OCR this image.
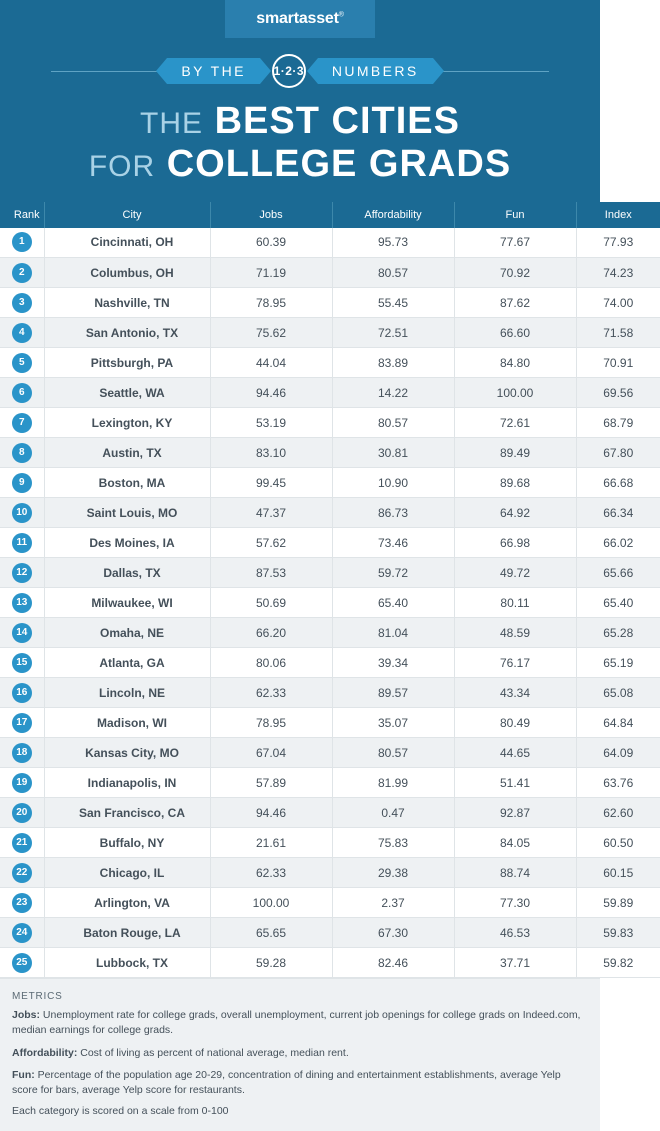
smartasset®
BY THE 1·2·3 NUMBERS
THE BEST CITIES
FOR COLLEGE GRADS
Rank	City	Jobs	Affordability	Fun	Index
1	Cincinnati, OH	60.39	95.73	77.67	77.93
2	Columbus, OH	71.19	80.57	70.92	74.23
3	Nashville, TN	78.95	55.45	87.62	74.00
4	San Antonio, TX	75.62	72.51	66.60	71.58
5	Pittsburgh, PA	44.04	83.89	84.80	70.91
6	Seattle, WA	94.46	14.22	100.00	69.56
7	Lexington, KY	53.19	80.57	72.61	68.79
8	Austin, TX	83.10	30.81	89.49	67.80
9	Boston, MA	99.45	10.90	89.68	66.68
10	Saint Louis, MO	47.37	86.73	64.92	66.34
11	Des Moines, IA	57.62	73.46	66.98	66.02
12	Dallas, TX	87.53	59.72	49.72	65.66
13	Milwaukee, WI	50.69	65.40	80.11	65.40
14	Omaha, NE	66.20	81.04	48.59	65.28
15	Atlanta, GA	80.06	39.34	76.17	65.19
16	Lincoln, NE	62.33	89.57	43.34	65.08
17	Madison, WI	78.95	35.07	80.49	64.84
18	Kansas City, MO	67.04	80.57	44.65	64.09
19	Indianapolis, IN	57.89	81.99	51.41	63.76
20	San Francisco, CA	94.46	0.47	92.87	62.60
21	Buffalo, NY	21.61	75.83	84.05	60.50
22	Chicago, IL	62.33	29.38	88.74	60.15
23	Arlington, VA	100.00	2.37	77.30	59.89
24	Baton Rouge, LA	65.65	67.30	46.53	59.83
25	Lubbock, TX	59.28	82.46	37.71	59.82
METRICS

Jobs: Unemployment rate for college grads, overall unemployment, current job openings for college grads on Indeed.com, median earnings for college grads.

Affordability: Cost of living as percent of national average, median rent.

Fun: Percentage of the population age 20-29, concentration of dining and entertainment establishments, average Yelp score for bars, average Yelp score for restaurants.

Each category is scored on a scale from 0-100
